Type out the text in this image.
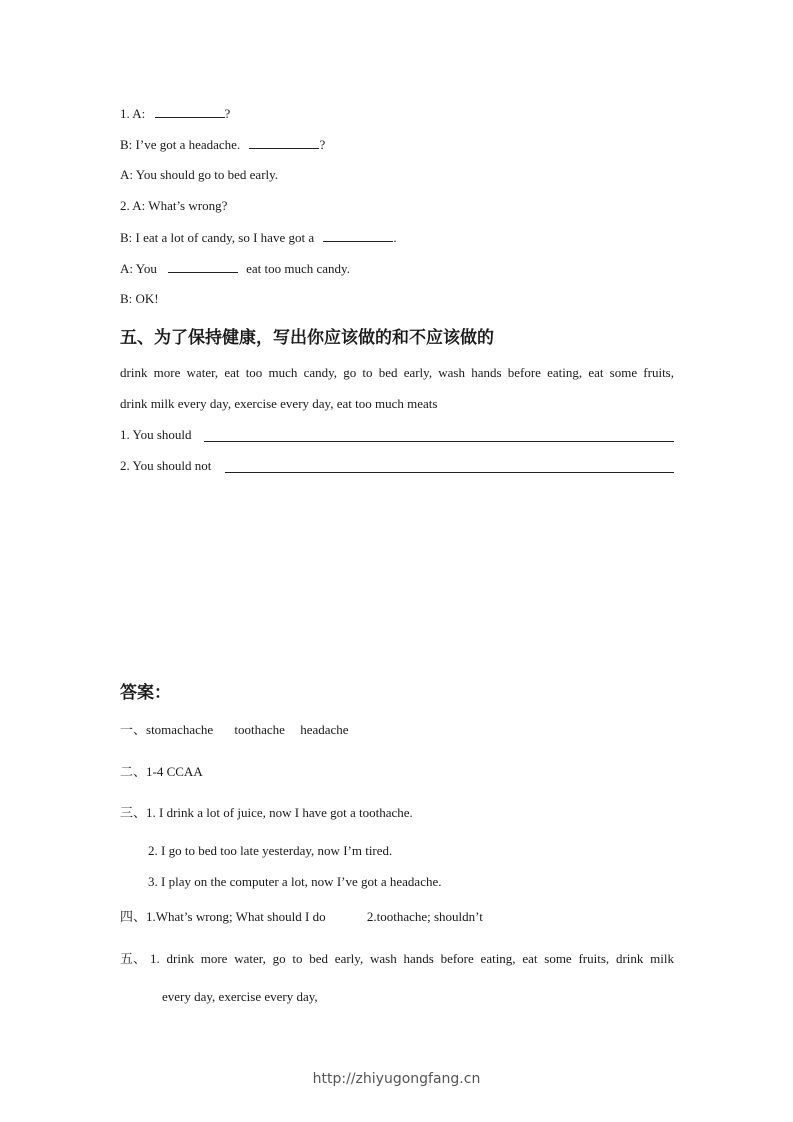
1. A:	?
B: I’ve got a headache.	?
A: You should go to bed early.
2. A: What’s wrong?
B: I eat a lot of candy, so I have got a	.
A: You	eat too much candy.
B: OK!
五、为了保持健康，写出你应该做的和不应该做的
drink more water, eat too much candy, go to bed early, wash hands before eating, eat some fruits,
drink milk every day, exercise every day, eat too much meats
1. You should
2. You should not
答案：
一、stomachache toothache headache
二、1-4 CCAA
三、1. I drink a lot of juice, now I have got a toothache.
2. I go to bed too late yesterday, now I’m tired.
3. I play on the computer a lot, now I’ve got a headache.
四、1.What’s wrong; What should I do	2.toothache; shouldn’t
五、 1. drink more water, go to bed early, wash hands before eating, eat some fruits, drink milk
every day, exercise every day,
http://zhiyugongfang.cn
